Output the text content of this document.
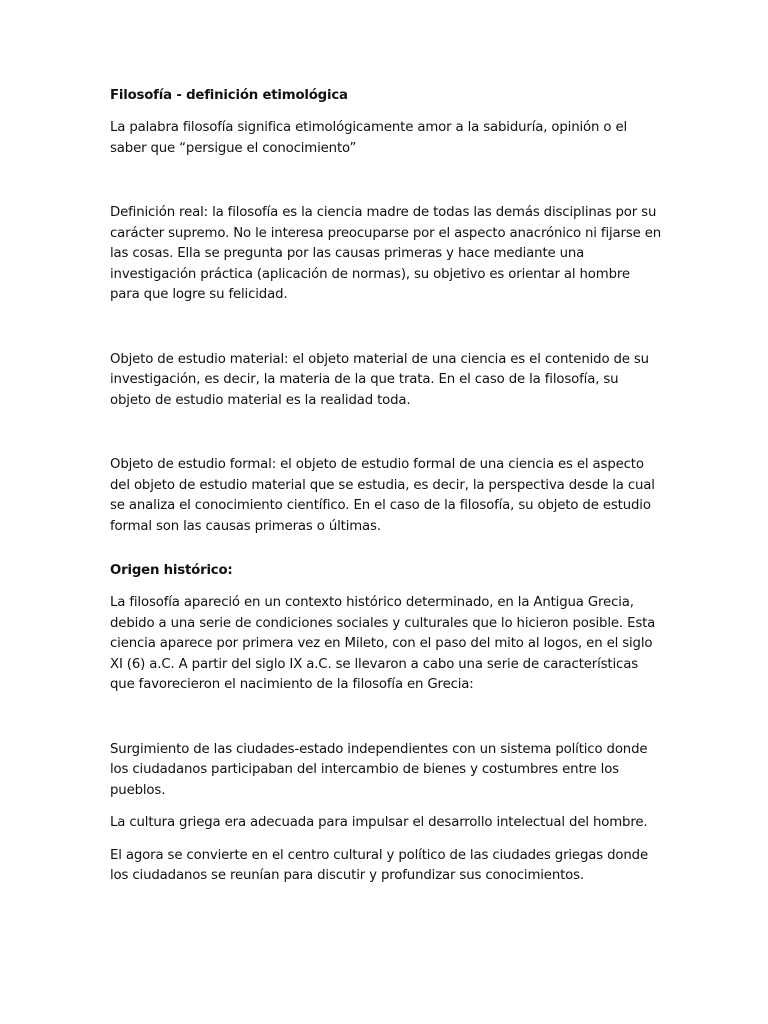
Filosofía - definición etimológica

La palabra filosofía significa etimológicamente amor a la sabiduría, opinión o el saber que “persigue el conocimiento”

Definición real: la filosofía es la ciencia madre de todas las demás disciplinas por su carácter supremo. No le interesa preocuparse por el aspecto anacrónico ni fijarse en las cosas. Ella se pregunta por las causas primeras y hace mediante una investigación práctica (aplicación de normas), su objetivo es orientar al hombre para que logre su felicidad.

Objeto de estudio material: el objeto material de una ciencia es el contenido de su investigación, es decir, la materia de la que trata. En el caso de la filosofía, su objeto de estudio material es la realidad toda.

Objeto de estudio formal: el objeto de estudio formal de una ciencia es el aspecto del objeto de estudio material que se estudia, es decir, la perspectiva desde la cual se analiza el conocimiento científico. En el caso de la filosofía, su objeto de estudio formal son las causas primeras o últimas.

Origen histórico:

La filosofía apareció en un contexto histórico determinado, en la Antigua Grecia, debido a una serie de condiciones sociales y culturales que lo hicieron posible. Esta ciencia aparece por primera vez en Mileto, con el paso del mito al logos, en el siglo XI (6) a.C. A partir del siglo IX a.C. se llevaron a cabo una serie de características que favorecieron el nacimiento de la filosofía en Grecia:

Surgimiento de las ciudades-estado independientes con un sistema político donde los ciudadanos participaban del intercambio de bienes y costumbres entre los pueblos.

La cultura griega era adecuada para impulsar el desarrollo intelectual del hombre.

El agora se convierte en el centro cultural y político de las ciudades griegas donde los ciudadanos se reunían para discutir y profundizar sus conocimientos.
